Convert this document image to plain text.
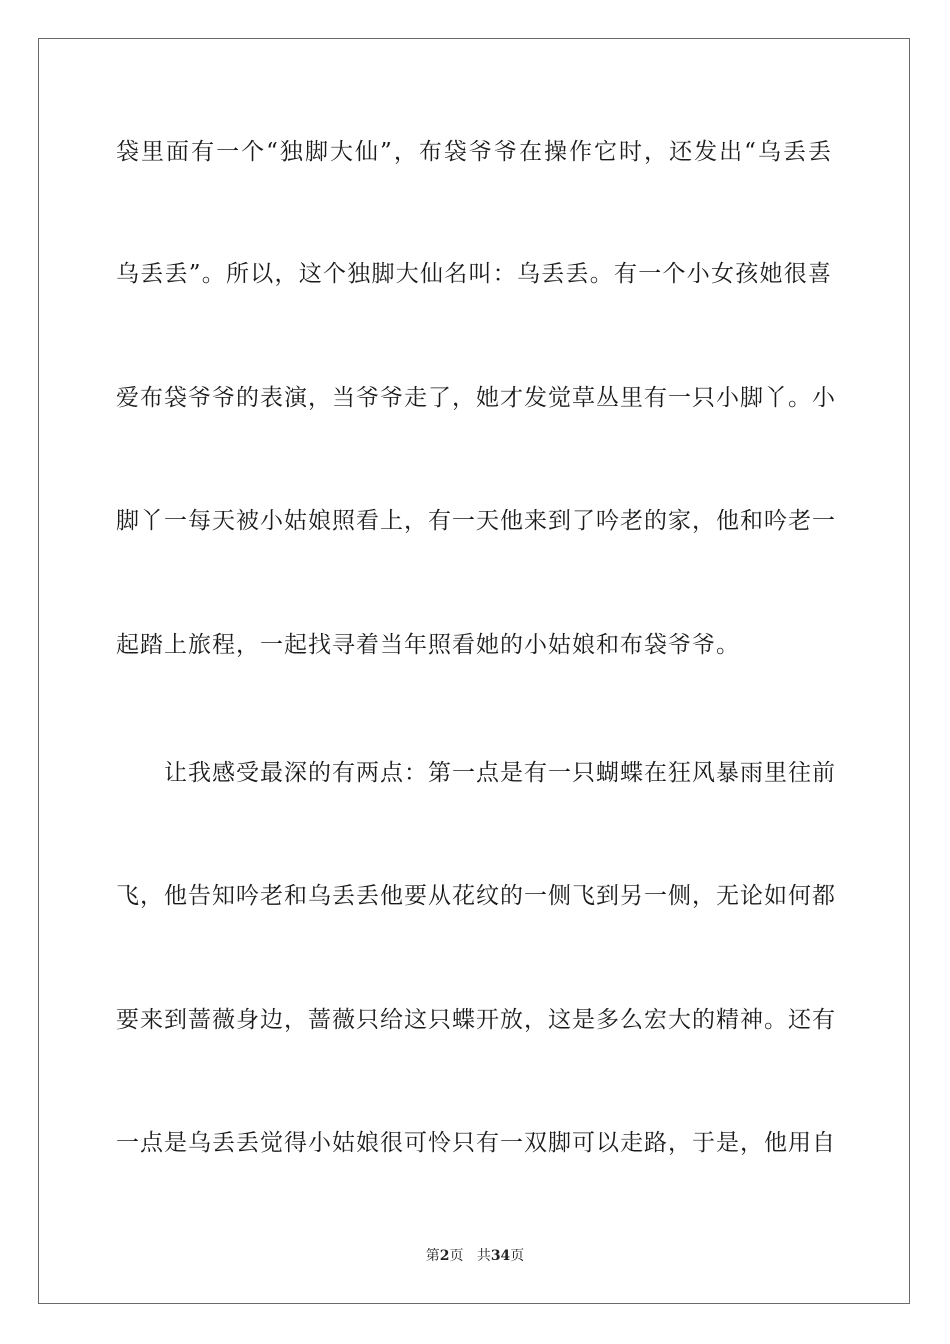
袋里面有一个“独脚大仙”，布袋爷爷在操作它时，还发出“乌丢丢
乌丢丢”。所以，这个独脚大仙名叫：乌丢丢。有一个小女孩她很喜
爱布袋爷爷的表演，当爷爷走了，她才发觉草丛里有一只小脚丫。小
脚丫一每天被小姑娘照看上，有一天他来到了吟老的家，他和吟老一
起踏上旅程，一起找寻着当年照看她的小姑娘和布袋爷爷。
让我感受最深的有两点：第一点是有一只蝴蝶在狂风暴雨里往前
飞，他告知吟老和乌丢丢他要从花纹的一侧飞到另一侧，无论如何都
要来到蔷薇身边，蔷薇只给这只蝶开放，这是多么宏大的精神。还有
一点是乌丢丢觉得小姑娘很可怜只有一双脚可以走路，于是，他用自
第2页 共34页
